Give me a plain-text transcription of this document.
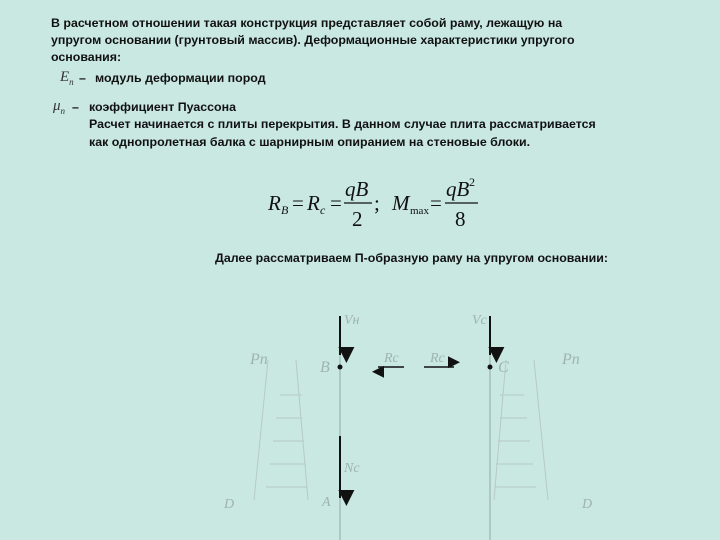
В расчетном отношении такая конструкция представляет собой раму, лежащую на
упругом основании (грунтовый массив). Деформационные характеристики упругого
основания:
$E_п$ – модуль деформации пород
$\mu_п$ – коэффициент Пуассона
Расчет начинается с плиты перекрытия. В данном случае плита рассматривается
как однопролетная балка с шарнирным опиранием на стеновые блоки.
R B = R c =
qB
2
; M max =
qB 2
8
Далее рассматриваем П-образную раму на упругом основании:
Vн	Vс
Pп	Pп
B	C
Rс Rс
Nс
A
D	D
